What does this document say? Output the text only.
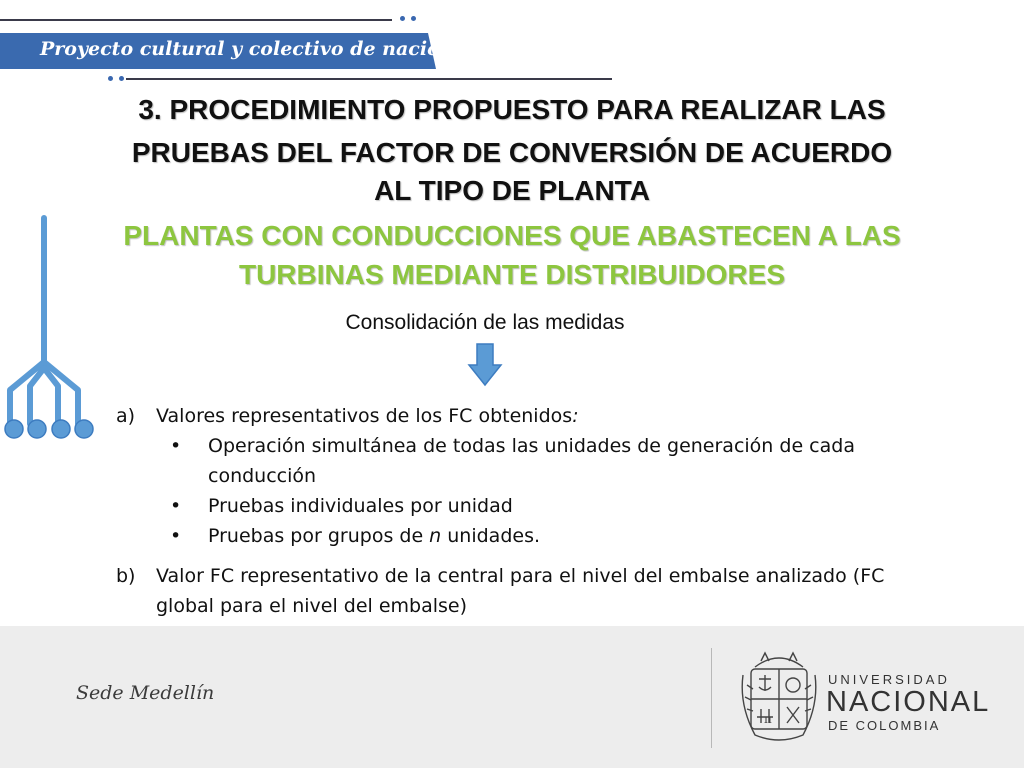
Proyecto cultural y colectivo de nación
3. PROCEDIMIENTO PROPUESTO PARA REALIZAR LAS
PRUEBAS DEL FACTOR DE CONVERSIÓN DE ACUERDO
AL TIPO DE PLANTA
PLANTAS CON CONDUCCIONES QUE ABASTECEN A LAS
TURBINAS MEDIANTE DISTRIBUIDORES
Consolidación de las medidas
a) Valores representativos de los FC obtenidos:
• Operación simultánea de todas las unidades de generación de cada
conducción
• Pruebas individuales por unidad
• Pruebas por grupos de n unidades.
b) Valor FC representativo de la central para el nivel del embalse analizado (FC
global para el nivel del embalse)
Sede Medellín
π
UNIVERSIDAD
NACIONAL
DE COLOMBIA
